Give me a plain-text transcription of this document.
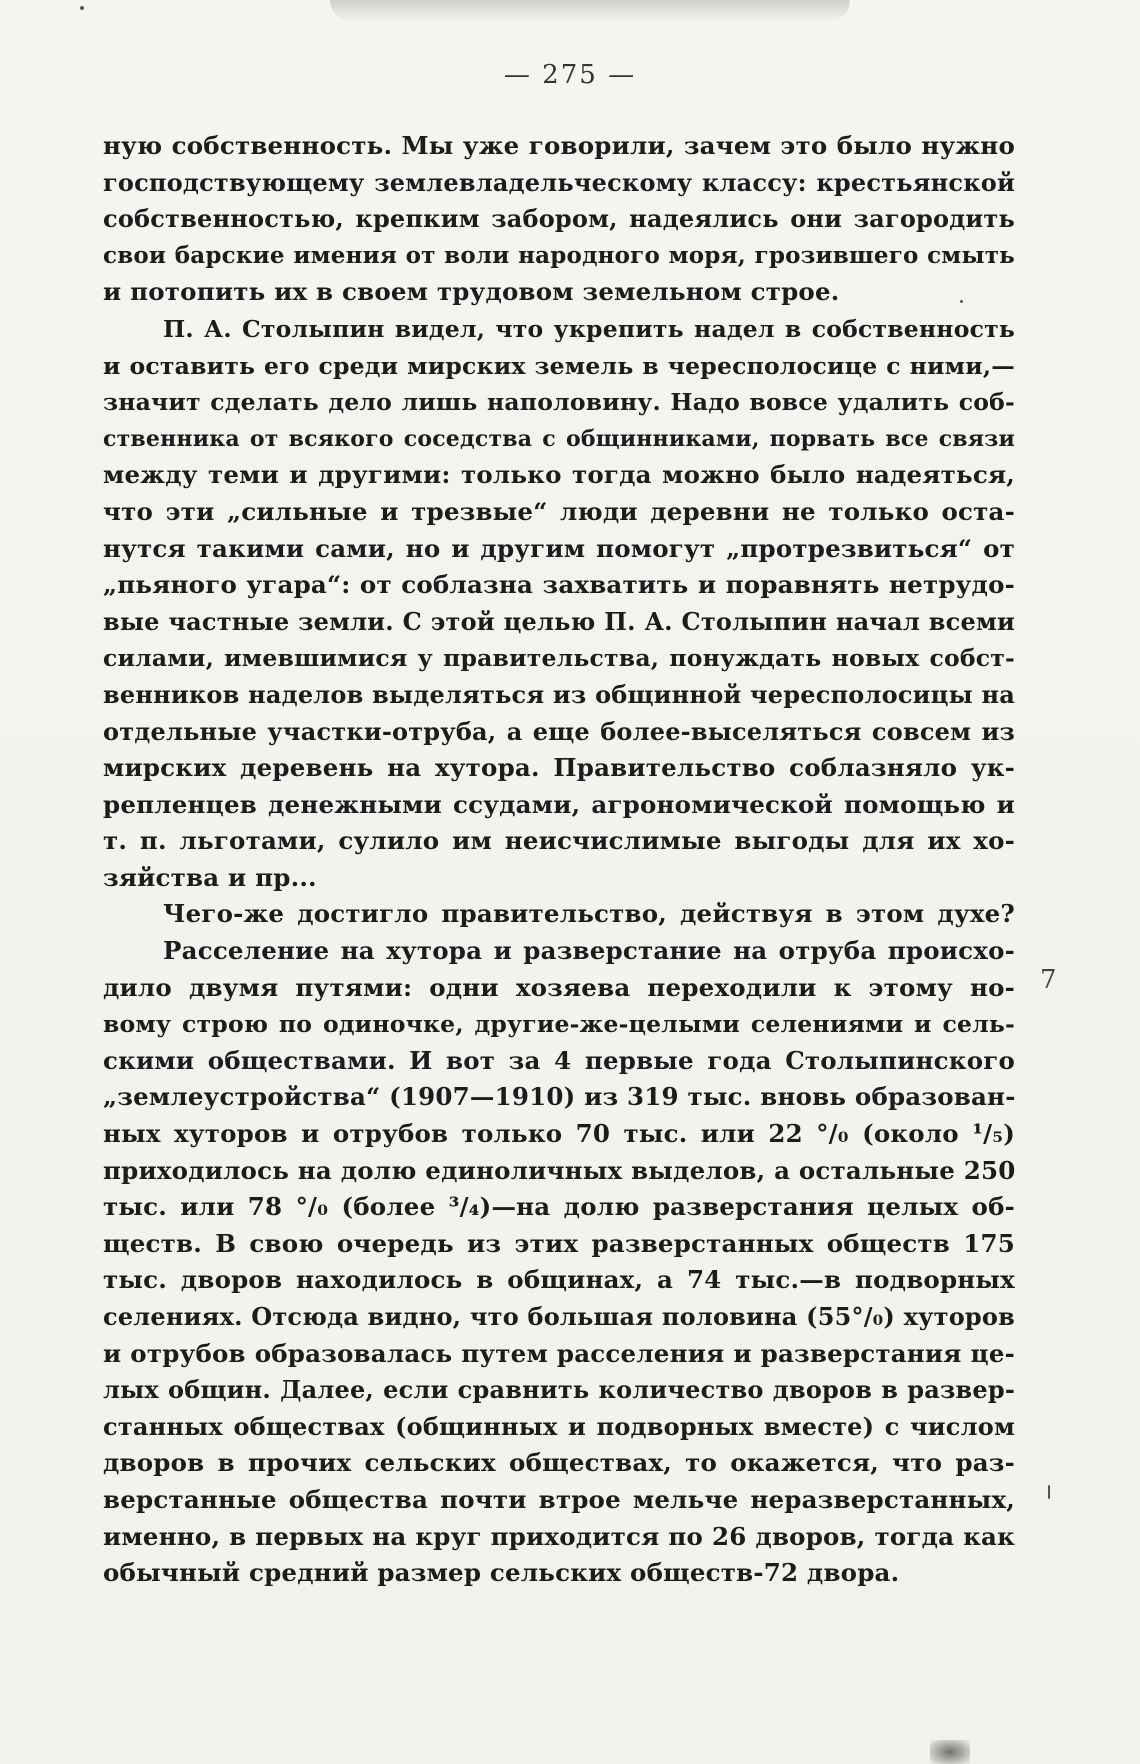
— 275 —
ную собственность. Мы уже говорили, зачем это было нужно
господствующему землевладельческому классу: крестьянской
собственностью, крепким забором, надеялись они загородить
свои барские имения от воли народного моря, грозившего смыть
и потопить их в своем трудовом земельном строе.
П. А. Столыпин видел, что укрепить надел в собственность
и оставить его среди мирских земель в чересполосице с ними,—
значит сделать дело лишь наполовину. Надо вовсе удалить соб-
ственника от всякого соседства с общинниками, порвать все связи
между теми и другими: только тогда можно было надеяться,
что эти „сильные и трезвые“ люди деревни не только оста-
нутся такими сами, но и другим помогут „протрезвиться“ от
„пьяного угара“: от соблазна захватить и поравнять нетрудо-
вые частные земли. С этой целью П. А. Столыпин начал всеми
силами, имевшимися у правительства, понуждать новых собст-
венников наделов выделяться из общинной чересполосицы на
отдельные участки-отруба, а еще более-выселяться совсем из
мирских деревень на хутора. Правительство соблазняло ук-
репленцев денежными ссудами, агрономической помощью и
т. п. льготами, сулило им неисчислимые выгоды для их хо-
зяйства и пр...
Чего-же достигло правительство, действуя в этом духе?
Расселение на хутора и разверстание на отруба происхо-
дило двумя путями: одни хозяева переходили к этому но-
вому строю по одиночке, другие-же-целыми селениями и сель-
скими обществами. И вот за 4 первые года Столыпинского
„землеустройства“ (1907—1910) из 319 тыс. вновь образован-
ных хуторов и отрубов только 70 тыс. или 22 °/₀ (около ¹/₅)
приходилось на долю единоличных выделов, а остальные 250
тыс. или 78 °/₀ (более ³/₄)—на долю разверстания целых об-
ществ. В свою очередь из этих разверстанных обществ 175
тыс. дворов находилось в общинах, а 74 тыс.—в подворных
селениях. Отсюда видно, что большая половина (55°/₀) хуторов
и отрубов образовалась путем расселения и разверстания це-
лых общин. Далее, если сравнить количество дворов в развер-
станных обществах (общинных и подворных вместе) с числом
дворов в прочих сельских обществах, то окажется, что раз-
верстанные общества почти втрое мельче неразверстанных,
именно, в первых на круг приходится по 26 дворов, тогда как
обычный средний размер сельских обществ-72 двора.
7
